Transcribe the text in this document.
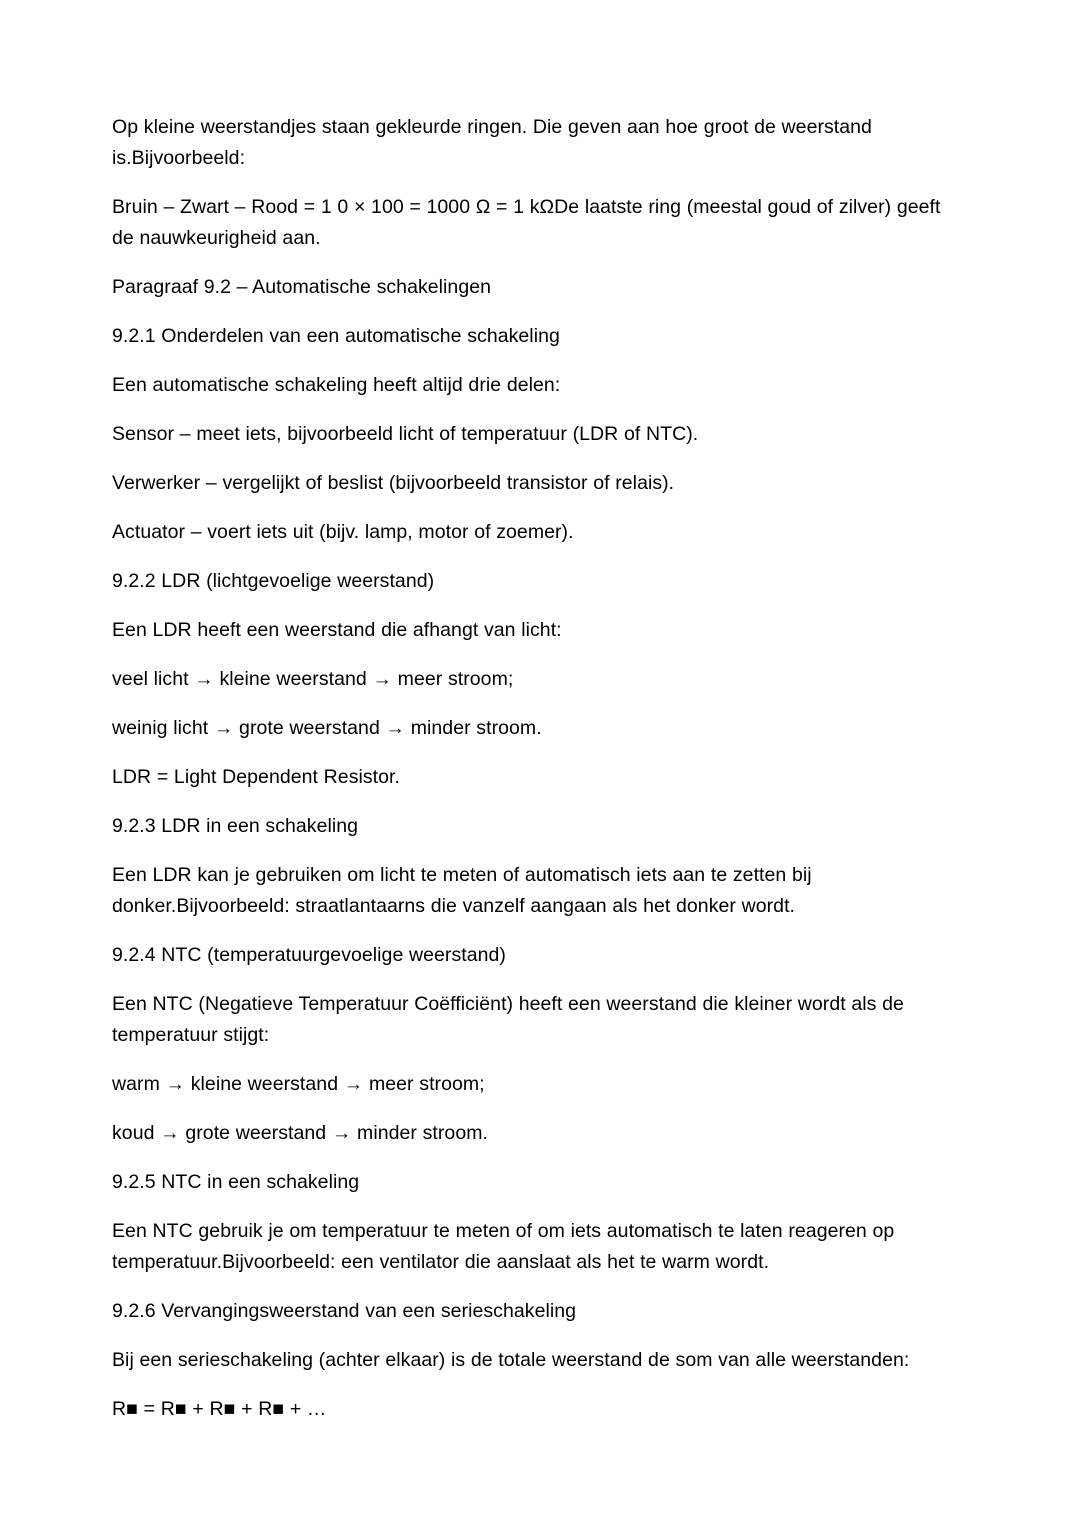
Op kleine weerstandjes staan gekleurde ringen. Die geven aan hoe groot de weerstand is.Bijvoorbeeld:

Bruin – Zwart – Rood = 1 0 × 100 = 1000 Ω = 1 kΩDe laatste ring (meestal goud of zilver) geeft de nauwkeurigheid aan.

Paragraaf 9.2 – Automatische schakelingen

9.2.1 Onderdelen van een automatische schakeling

Een automatische schakeling heeft altijd drie delen:

Sensor – meet iets, bijvoorbeeld licht of temperatuur (LDR of NTC).

Verwerker – vergelijkt of beslist (bijvoorbeeld transistor of relais).

Actuator – voert iets uit (bijv. lamp, motor of zoemer).

9.2.2 LDR (lichtgevoelige weerstand)

Een LDR heeft een weerstand die afhangt van licht:

veel licht → kleine weerstand → meer stroom;

weinig licht → grote weerstand → minder stroom.

LDR = Light Dependent Resistor.

9.2.3 LDR in een schakeling

Een LDR kan je gebruiken om licht te meten of automatisch iets aan te zetten bij donker.Bijvoorbeeld: straatlantaarns die vanzelf aangaan als het donker wordt.

9.2.4 NTC (temperatuurgevoelige weerstand)

Een NTC (Negatieve Temperatuur Coëfficiënt) heeft een weerstand die kleiner wordt als de temperatuur stijgt:

warm → kleine weerstand → meer stroom;

koud → grote weerstand → minder stroom.

9.2.5 NTC in een schakeling

Een NTC gebruik je om temperatuur te meten of om iets automatisch te laten reageren op temperatuur.Bijvoorbeeld: een ventilator die aanslaat als het te warm wordt.

9.2.6 Vervangingsweerstand van een serieschakeling

Bij een serieschakeling (achter elkaar) is de totale weerstand de som van alle weerstanden:

R■ = R■ + R■ + R■ + …
